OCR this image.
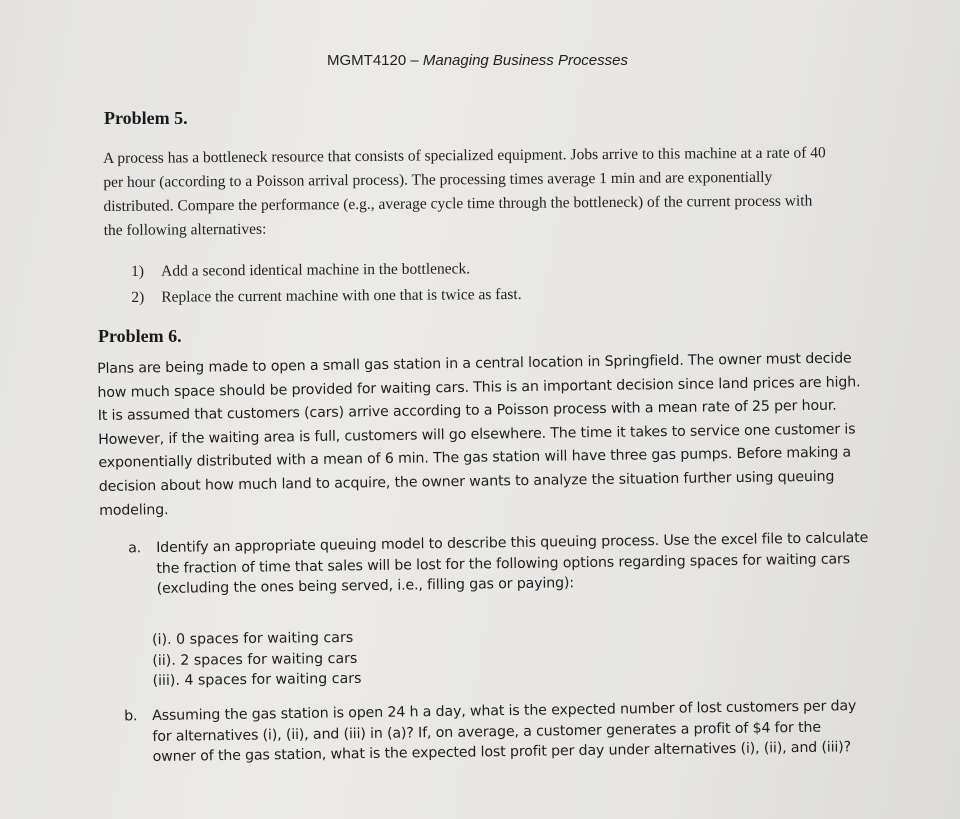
MGMT4120 – Managing Business Processes
Problem 5.
A process has a bottleneck resource that consists of specialized equipment. Jobs arrive to this machine at a rate of 40
per hour (according to a Poisson arrival process). The processing times average 1 min and are exponentially
distributed. Compare the performance (e.g., average cycle time through the bottleneck) of the current process with
the following alternatives:
1) Add a second identical machine in the bottleneck.
2) Replace the current machine with one that is twice as fast.
Problem 6.
Plans are being made to open a small gas station in a central location in Springfield. The owner must decide
how much space should be provided for waiting cars. This is an important decision since land prices are high.
It is assumed that customers (cars) arrive according to a Poisson process with a mean rate of 25 per hour.
However, if the waiting area is full, customers will go elsewhere. The time it takes to service one customer is
exponentially distributed with a mean of 6 min. The gas station will have three gas pumps. Before making a
decision about how much land to acquire, the owner wants to analyze the situation further using queuing
modeling.
a. Identify an appropriate queuing model to describe this queuing process. Use the excel file to calculate
the fraction of time that sales will be lost for the following options regarding spaces for waiting cars
(excluding the ones being served, i.e., filling gas or paying):
(i). 0 spaces for waiting cars
(ii). 2 spaces for waiting cars
(iii). 4 spaces for waiting cars
b. Assuming the gas station is open 24 h a day, what is the expected number of lost customers per day
for alternatives (i), (ii), and (iii) in (a)? If, on average, a customer generates a profit of $4 for the
owner of the gas station, what is the expected lost profit per day under alternatives (i), (ii), and (iii)?
